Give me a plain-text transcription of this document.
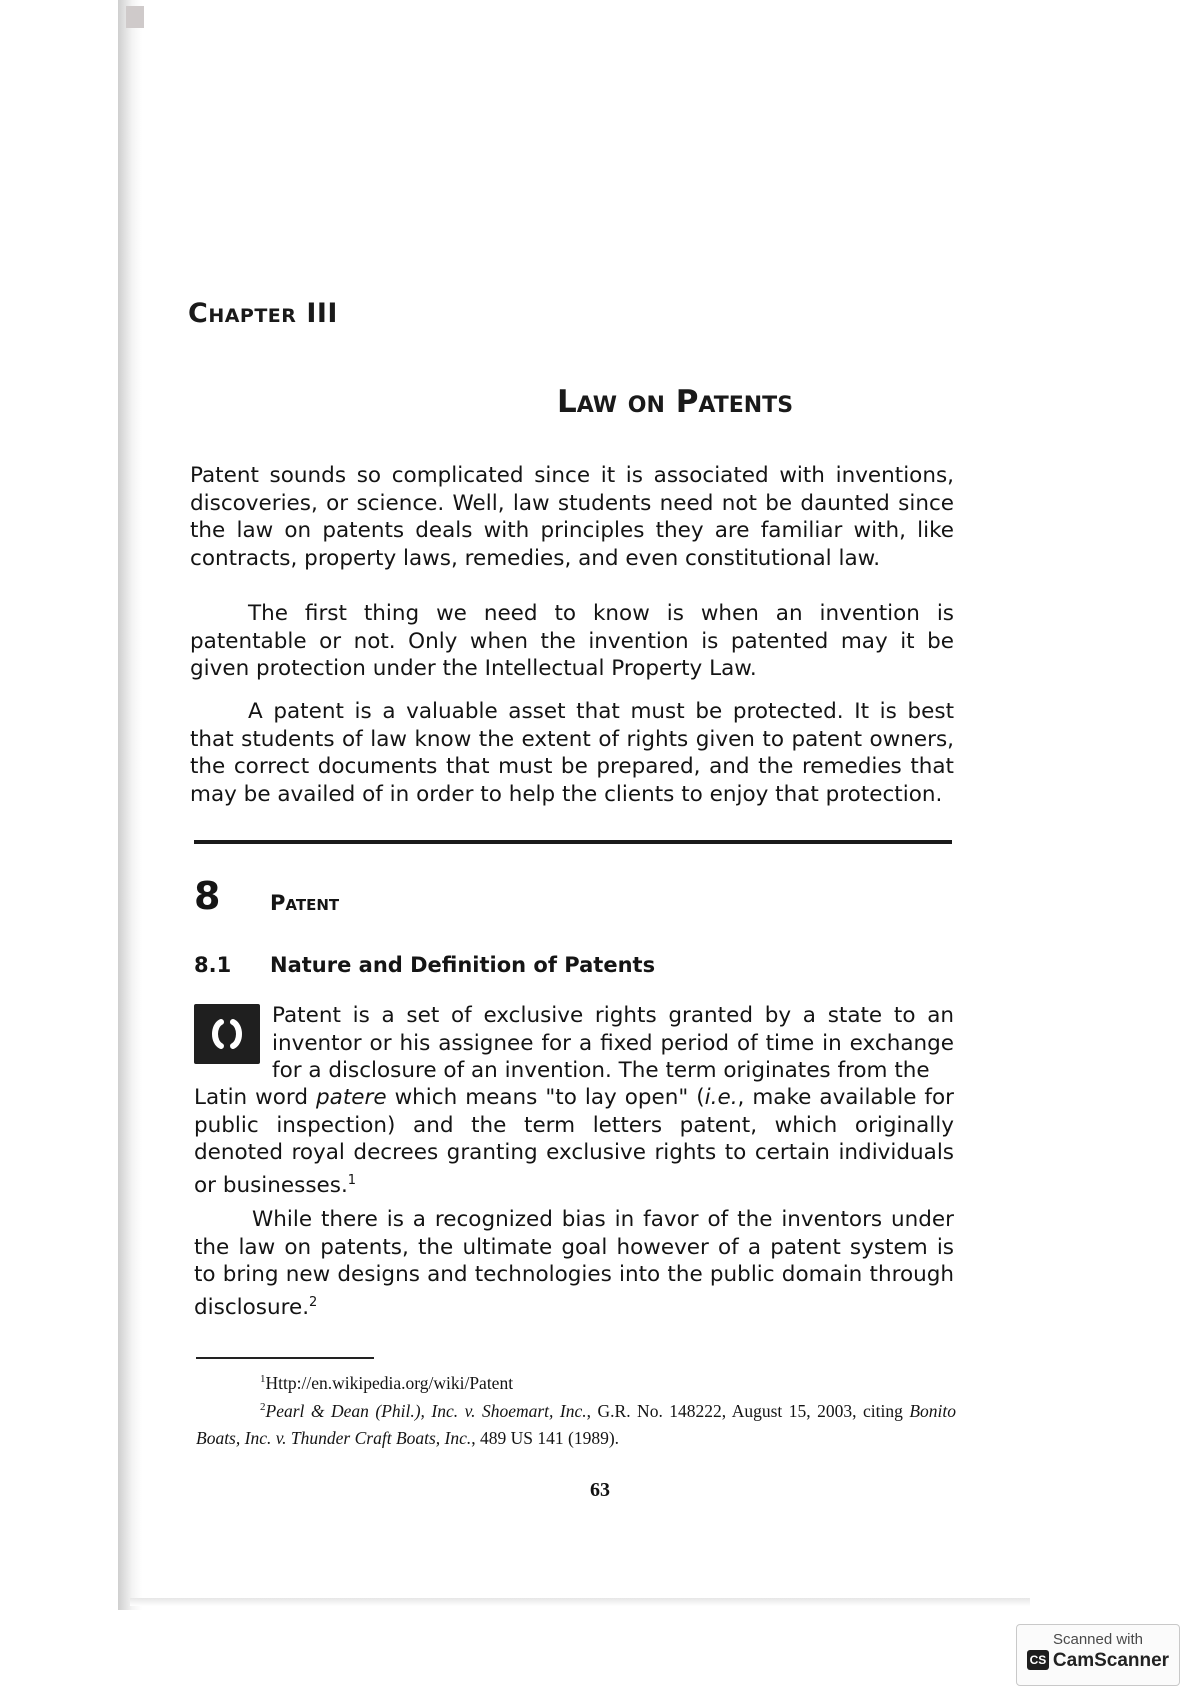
Chapter III
Law on Patents

Patent sounds so complicated since it is associated with inventions, discoveries, or science. Well, law students need not be daunted since the law on patents deals with principles they are familiar with, like contracts, property laws, remedies, and even constitutional law.

The first thing we need to know is when an invention is patentable or not. Only when the invention is patented may it be given protection under the Intellectual Property Law.

A patent is a valuable asset that must be protected. It is best that students of law know the extent of rights given to patent owners, the correct documents that must be prepared, and the remedies that may be availed of in order to help the clients to enjoy that protection.

8 Patent
8.1 Nature and Definition of Patents

Patent is a set of exclusive rights granted by a state to an inventor or his assignee for a fixed period of time in exchange for a disclosure of an invention. The term originates from the

Latin word patere which means "to lay open" (i.e., make available for public inspection) and the term letters patent, which originally denoted royal decrees granting exclusive rights to certain individuals or businesses.$^1$

While there is a recognized bias in favor of the inventors under the law on patents, the ultimate goal however of a patent system is to bring new designs and technologies into the public domain through disclosure.$^2$

$^1$Http://en.wikipedia.org/wiki/Patent
$^2$Pearl & Dean (Phil.), Inc. v. Shoemart, Inc., G.R. No. 148222, August 15, 2003, citing Bonito Boats, Inc. v. Thunder Craft Boats, Inc., 489 US 141 (1989).
63
Scanned with
CS CamScanner
